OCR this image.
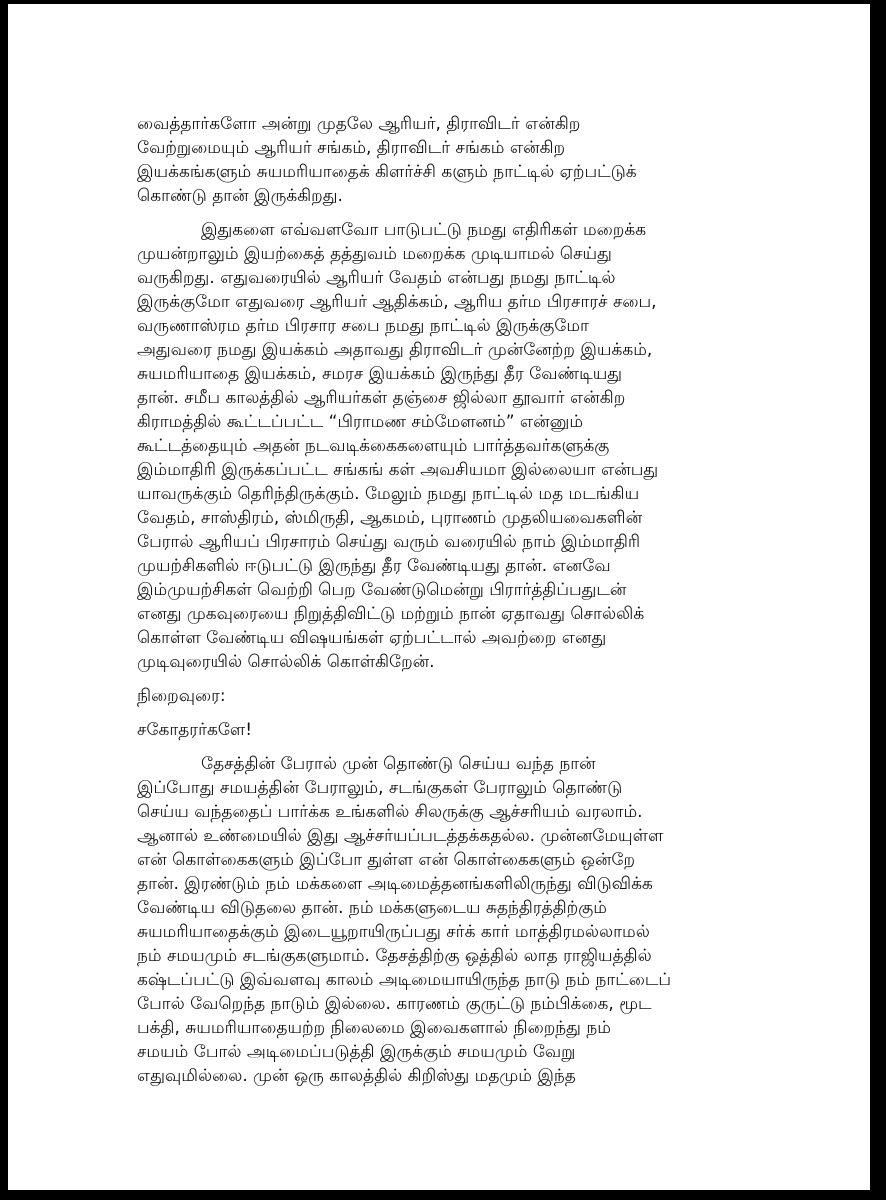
வைத்தார்களோ அன்று முதலே ஆரியர், திராவிடர் என்கிற
வேற்றுமையும் ஆரியர் சங்கம், திராவிடர் சங்கம் என்கிற
இயக்கங்களும் சுயமரியாதைக் கிளர்ச்சி களும் நாட்டில் ஏற்பட்டுக்
கொண்டு தான் இருக்கிறது.
இதுகளை எவ்வளவோ பாடுபட்டு நமது எதிரிகள் மறைக்க
முயன்றாலும் இயற்கைத் தத்துவம் மறைக்க முடியாமல் செய்து
வருகிறது. எதுவரையில் ஆரியர் வேதம் என்பது நமது நாட்டில்
இருக்குமோ எதுவரை ஆரியர் ஆதிக்கம், ஆரிய தர்ம பிரசாரச் சபை,
வருணாஸ்ரம தர்ம பிரசார சபை நமது நாட்டில் இருக்குமோ
அதுவரை நமது இயக்கம் அதாவது திராவிடர் முன்னேற்ற இயக்கம்,
சுயமரியாதை இயக்கம், சமரச இயக்கம் இருந்து தீர வேண்டியது
தான். சமீப காலத்தில் ஆரியர்கள் தஞ்சை ஜில்லா தூவார் என்கிற
கிராமத்தில் கூட்டப்பட்ட “பிராமண சம்மேளனம்” என்னும்
கூட்டத்தையும் அதன் நடவடிக்கைகளையும் பார்த்தவர்களுக்கு
இம்மாதிரி இருக்கப்பட்ட சங்கங் கள் அவசியமா இல்லையா என்பது
யாவருக்கும் தெரிந்திருக்கும். மேலும் நமது நாட்டில் மத மடங்கிய
வேதம், சாஸ்திரம், ஸ்மிருதி, ஆகமம், புராணம் முதலியவைகளின்
பேரால் ஆரியப் பிரசாரம் செய்து வரும் வரையில் நாம் இம்மாதிரி
முயற்சிகளில் ஈடுபட்டு இருந்து தீர வேண்டியது தான். எனவே
இம்முயற்சிகள் வெற்றி பெற வேண்டுமென்று பிரார்த்திப்பதுடன்
எனது முகவுரையை நிறுத்திவிட்டு மற்றும் நான் ஏதாவது சொல்லிக்
கொள்ள வேண்டிய விஷயங்கள் ஏற்பட்டால் அவற்றை எனது
முடிவுரையில் சொல்லிக் கொள்கிறேன்.
நிறைவுரை:
சகோதரர்களே!
தேசத்தின் பேரால் முன் தொண்டு செய்ய வந்த நான்
இப்போது சமயத்தின் பேராலும், சடங்குகள் பேராலும் தொண்டு
செய்ய வந்ததைப் பார்க்க உங்களில் சிலருக்கு ஆச்சரியம் வரலாம்.
ஆனால் உண்மையில் இது ஆச்சர்யப்படத்தக்கதல்ல. முன்னமேயுள்ள
என் கொள்கைகளும் இப்போ துள்ள என் கொள்கைகளும் ஒன்றே
தான். இரண்டும் நம் மக்களை அடிமைத்தனங்களிலிருந்து விடுவிக்க
வேண்டிய விடுதலை தான். நம் மக்களுடைய சுதந்திரத்திற்கும்
சுயமரியாதைக்கும் இடையூறாயிருப்பது சர்க் கார் மாத்திரமல்லாமல்
நம் சமயமும் சடங்குகளுமாம். தேசத்திற்கு ஒத்தில் லாத ராஜியத்தில்
கஷ்டப்பட்டு இவ்வளவு காலம் அடிமையாயிருந்த நாடு நம் நாட்டைப்
போல் வேறெந்த நாடும் இல்லை. காரணம் குருட்டு நம்பிக்கை, மூட
பக்தி, சுயமரியாதையற்ற நிலைமை இவைகளால் நிறைந்து நம்
சமயம் போல் அடிமைப்படுத்தி இருக்கும் சமயமும் வேறு
எதுவுமில்லை. முன் ஒரு காலத்தில் கிறிஸ்து மதமும் இந்த
